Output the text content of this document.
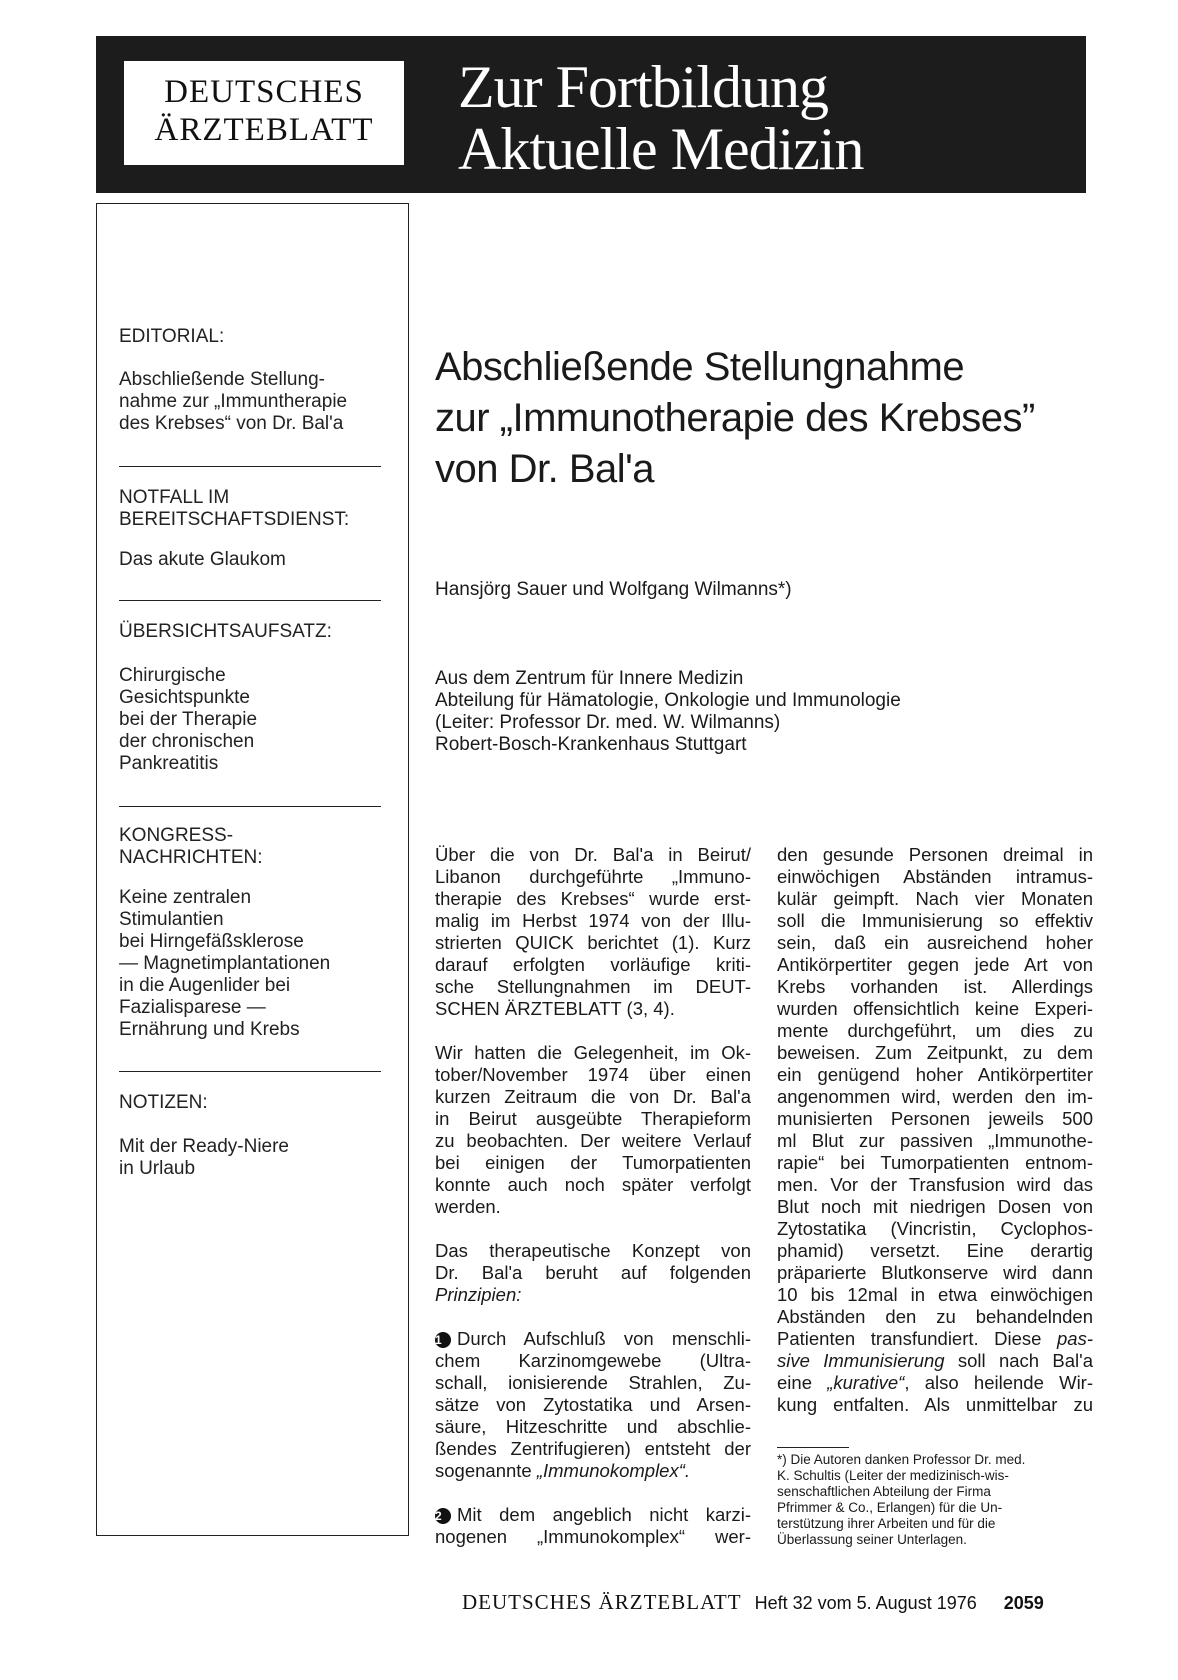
DEUTSCHES
ÄRZTEBLATT
Zur Fortbildung
Aktuelle Medizin
EDITORIAL:
Abschließende Stellung-
nahme zur „Immuntherapie
des Krebses“ von Dr. Bal'a
NOTFALL IM
BEREITSCHAFTSDIENST:
Das akute Glaukom
ÜBERSICHTSAUFSATZ:
Chirurgische
Gesichtspunkte
bei der Therapie
der chronischen
Pankreatitis
KONGRESS-
NACHRICHTEN:
Keine zentralen
Stimulantien
bei Hirngefäßsklerose
— Magnetimplantationen
in die Augenlider bei
Fazialisparese —
Ernährung und Krebs
NOTIZEN:
Mit der Ready-Niere
in Urlaub
Abschließende Stellungnahme
zur „Immunotherapie des Krebses”
von Dr. Bal'a
Hansjörg Sauer und Wolfgang Wilmanns*)
Aus dem Zentrum für Innere Medizin
Abteilung für Hämatologie, Onkologie und Immunologie
(Leiter: Professor Dr. med. W. Wilmanns)
Robert-Bosch-Krankenhaus Stuttgart

Über die von Dr. Bal'a in Beirut/
Libanon durchgeführte „Immuno-
therapie des Krebses“ wurde erst-
malig im Herbst 1974 von der Illu-
strierten QUICK berichtet (1). Kurz
darauf erfolgten vorläufige kriti-
sche Stellungnahmen im DEUT-
SCHEN ÄRZTEBLATT (3, 4).

Wir hatten die Gelegenheit, im Ok-
tober/November 1974 über einen
kurzen Zeitraum die von Dr. Bal'a
in Beirut ausgeübte Therapieform
zu beobachten. Der weitere Verlauf
bei einigen der Tumorpatienten
konnte auch noch später verfolgt
werden.

Das therapeutische Konzept von
Dr. Bal'a beruht auf folgenden
Prinzipien:

1 Durch Aufschluß von menschli-
chem Karzinomgewebe (Ultra-
schall, ionisierende Strahlen, Zu-
sätze von Zytostatika und Arsen-
säure, Hitzeschritte und abschlie-
ßendes Zentrifugieren) entsteht der
sogenannte „Immunokomplex“.

2 Mit dem angeblich nicht karzi-
nogenen „Immunokomplex“ wer-

den gesunde Personen dreimal in
einwöchigen Abständen intramus-
kulär geimpft. Nach vier Monaten
soll die Immunisierung so effektiv
sein, daß ein ausreichend hoher
Antikörpertiter gegen jede Art von
Krebs vorhanden ist. Allerdings
wurden offensichtlich keine Experi-
mente durchgeführt, um dies zu
beweisen. Zum Zeitpunkt, zu dem
ein genügend hoher Antikörpertiter
angenommen wird, werden den im-
munisierten Personen jeweils 500
ml Blut zur passiven „Immunothe-
rapie“ bei Tumorpatienten entnom-
men. Vor der Transfusion wird das
Blut noch mit niedrigen Dosen von
Zytostatika (Vincristin, Cyclophos-
phamid) versetzt. Eine derartig
präparierte Blutkonserve wird dann
10 bis 12mal in etwa einwöchigen
Abständen den zu behandelnden
Patienten transfundiert. Diese pas-
sive Immunisierung soll nach Bal'a
eine „kurative“, also heilende Wir-
kung entfalten. Als unmittelbar zu

*) Die Autoren danken Professor Dr. med.
K. Schultis (Leiter der medizinisch-wis-
senschaftlichen Abteilung der Firma
Pfrimmer & Co., Erlangen) für die Un-
terstützung ihrer Arbeiten und für die
Überlassung seiner Unterlagen.
DEUTSCHES ÄRZTEBLATT Heft 32 vom 5. August 1976 2059
